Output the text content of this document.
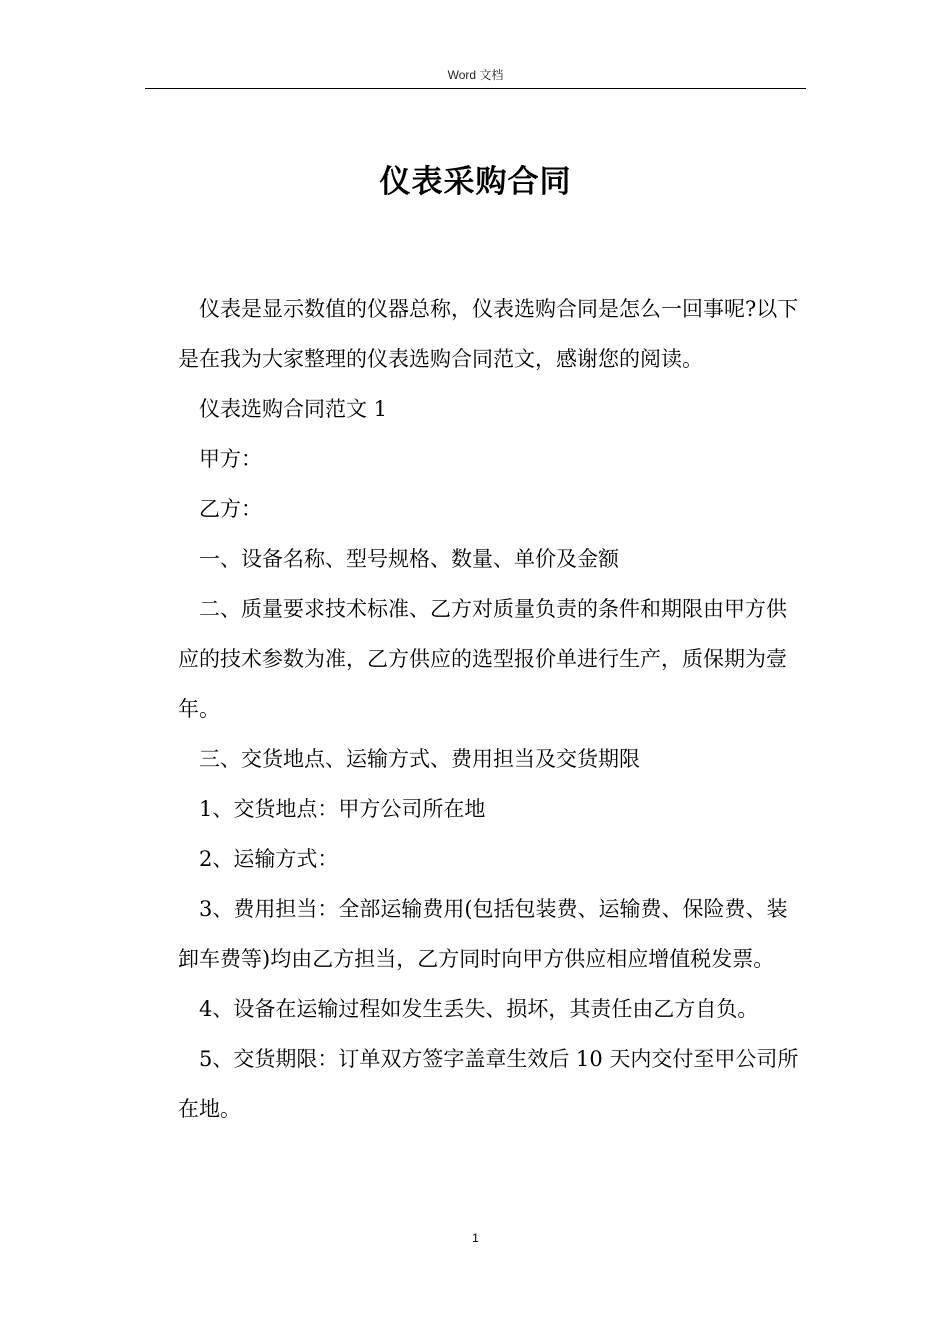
Word 文档
仪表采购合同

仪表是显示数值的仪器总称，仪表选购合同是怎么一回事呢?以下是在我为大家整理的仪表选购合同范文，感谢您的阅读。

仪表选购合同范文 1

甲方：

乙方：

一、设备名称、型号规格、数量、单价及金额

二、质量要求技术标准、乙方对质量负责的条件和期限由甲方供应的技术参数为准，乙方供应的选型报价单进行生产，质保期为壹年。

三、交货地点、运输方式、费用担当及交货期限

1、交货地点：甲方公司所在地

2、运输方式：

3、费用担当：全部运输费用(包括包装费、运输费、保险费、装卸车费等)均由乙方担当，乙方同时向甲方供应相应增值税发票。

4、设备在运输过程如发生丢失、损坏，其责任由乙方自负。

5、交货期限：订单双方签字盖章生效后 10 天内交付至甲公司所在地。

1
